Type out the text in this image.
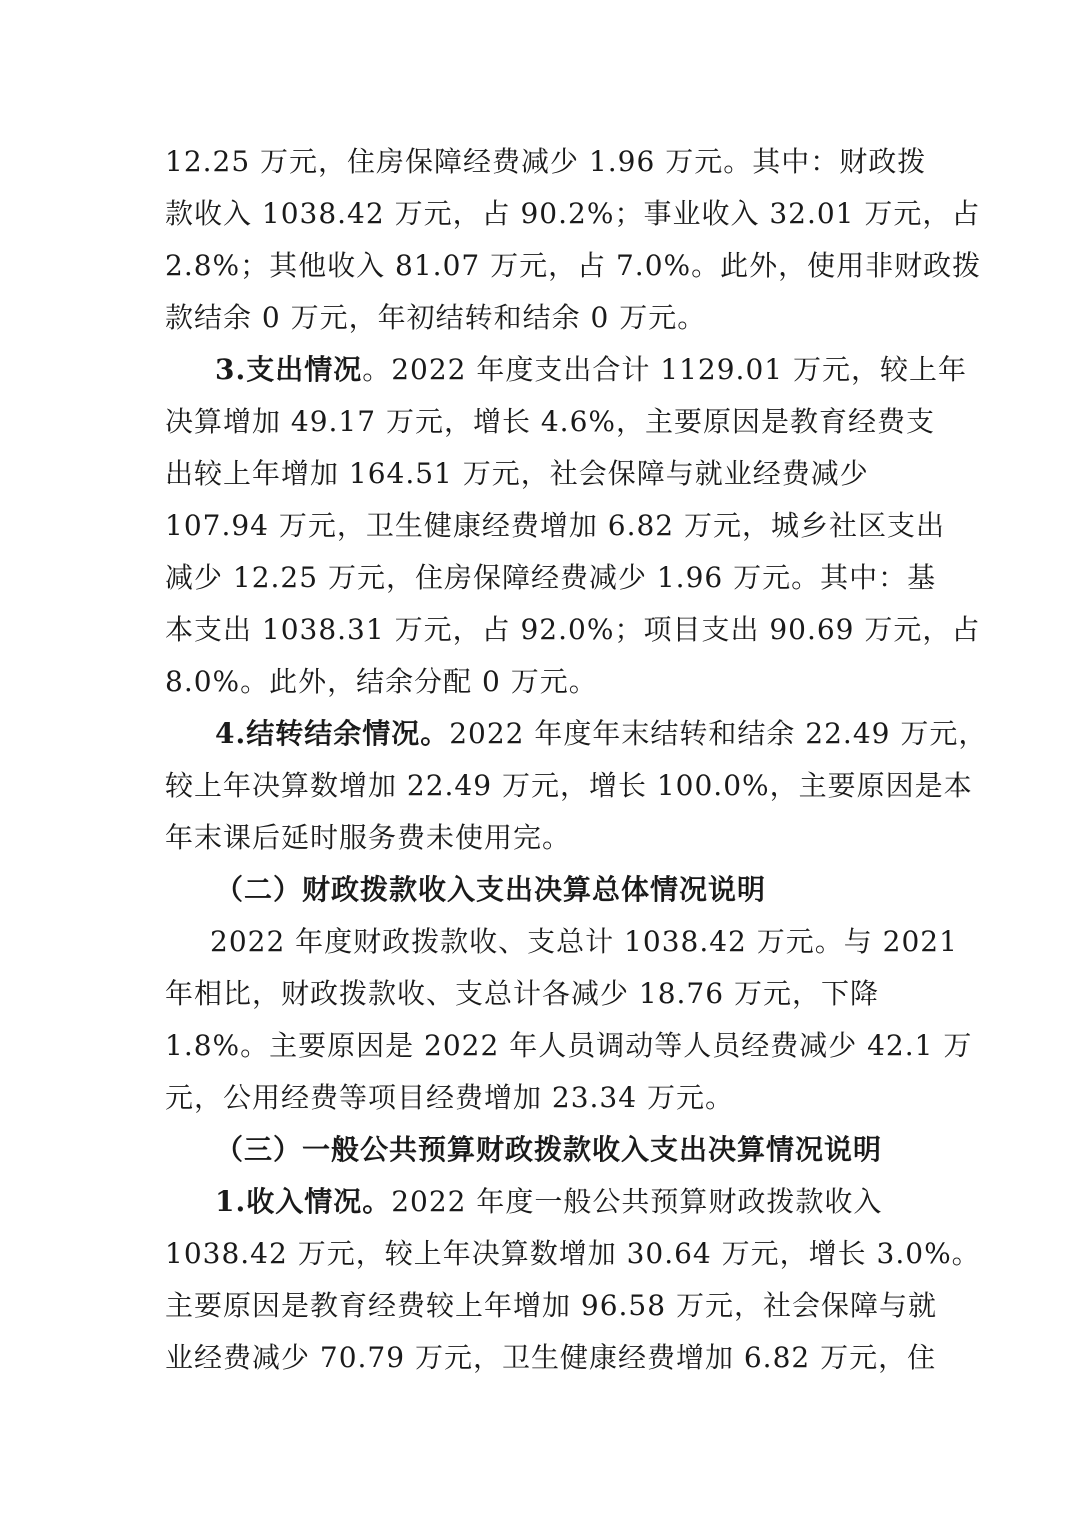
12.25 万元，住房保障经费减少 1.96 万元。其中：财政拨
款收入 1038.42 万元，占 90.2%；事业收入 32.01 万元，占
2.8%；其他收入 81.07 万元，占 7.0%。此外，使用非财政拨
款结余 0 万元，年初结转和结余 0 万元。
3.支出情况。2022 年度支出合计 1129.01 万元，较上年
决算增加 49.17 万元，增长 4.6%，主要原因是教育经费支
出较上年增加 164.51 万元，社会保障与就业经费减少
107.94 万元，卫生健康经费增加 6.82 万元，城乡社区支出
减少 12.25 万元，住房保障经费减少 1.96 万元。其中：基
本支出 1038.31 万元，占 92.0%；项目支出 90.69 万元，占
8.0%。此外，结余分配 0 万元。
4.结转结余情况。2022 年度年末结转和结余 22.49 万元，
较上年决算数增加 22.49 万元，增长 100.0%，主要原因是本
年末课后延时服务费未使用完。
（二）财政拨款收入支出决算总体情况说明
2022 年度财政拨款收、支总计 1038.42 万元。与 2021
年相比，财政拨款收、支总计各减少 18.76 万元，下降
1.8%。主要原因是 2022 年人员调动等人员经费减少 42.1 万
元，公用经费等项目经费增加 23.34 万元。
（三）一般公共预算财政拨款收入支出决算情况说明
1.收入情况。2022 年度一般公共预算财政拨款收入
1038.42 万元，较上年决算数增加 30.64 万元，增长 3.0%。
主要原因是教育经费较上年增加 96.58 万元，社会保障与就
业经费减少 70.79 万元，卫生健康经费增加 6.82 万元，住
